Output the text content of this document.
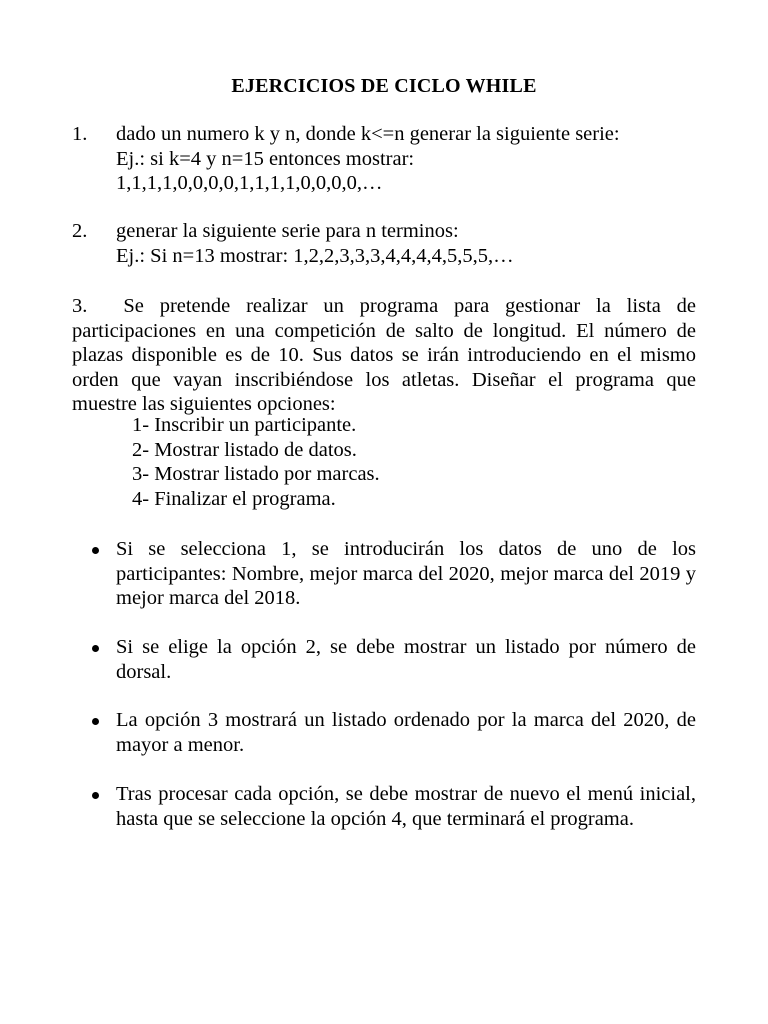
EJERCICIOS DE CICLO WHILE
1. dado un numero k y n, donde k<=n generar la siguiente serie:
Ej.: si k=4 y n=15 entonces mostrar:
1,1,1,1,0,0,0,0,1,1,1,1,0,0,0,0,…
2. generar la siguiente serie para n terminos:
Ej.: Si n=13 mostrar: 1,2,2,3,3,3,4,4,4,4,5,5,5,…
3. Se pretende realizar un programa para gestionar la lista de participaciones en una competición de salto de longitud. El número de plazas disponible es de 10. Sus datos se irán introduciendo en el mismo orden que vayan inscribiéndose los atletas. Diseñar el programa que muestre las siguientes opciones:
1- Inscribir un participante.
2- Mostrar listado de datos.
3- Mostrar listado por marcas.
4- Finalizar el programa.
Si se selecciona 1, se introducirán los datos de uno de los participantes: Nombre, mejor marca del 2020, mejor marca del 2019 y mejor marca del 2018.
Si se elige la opción 2, se debe mostrar un listado por número de dorsal.
La opción 3 mostrará un listado ordenado por la marca del 2020, de mayor a menor.
Tras procesar cada opción, se debe mostrar de nuevo el menú inicial, hasta que se seleccione la opción 4, que terminará el programa.
